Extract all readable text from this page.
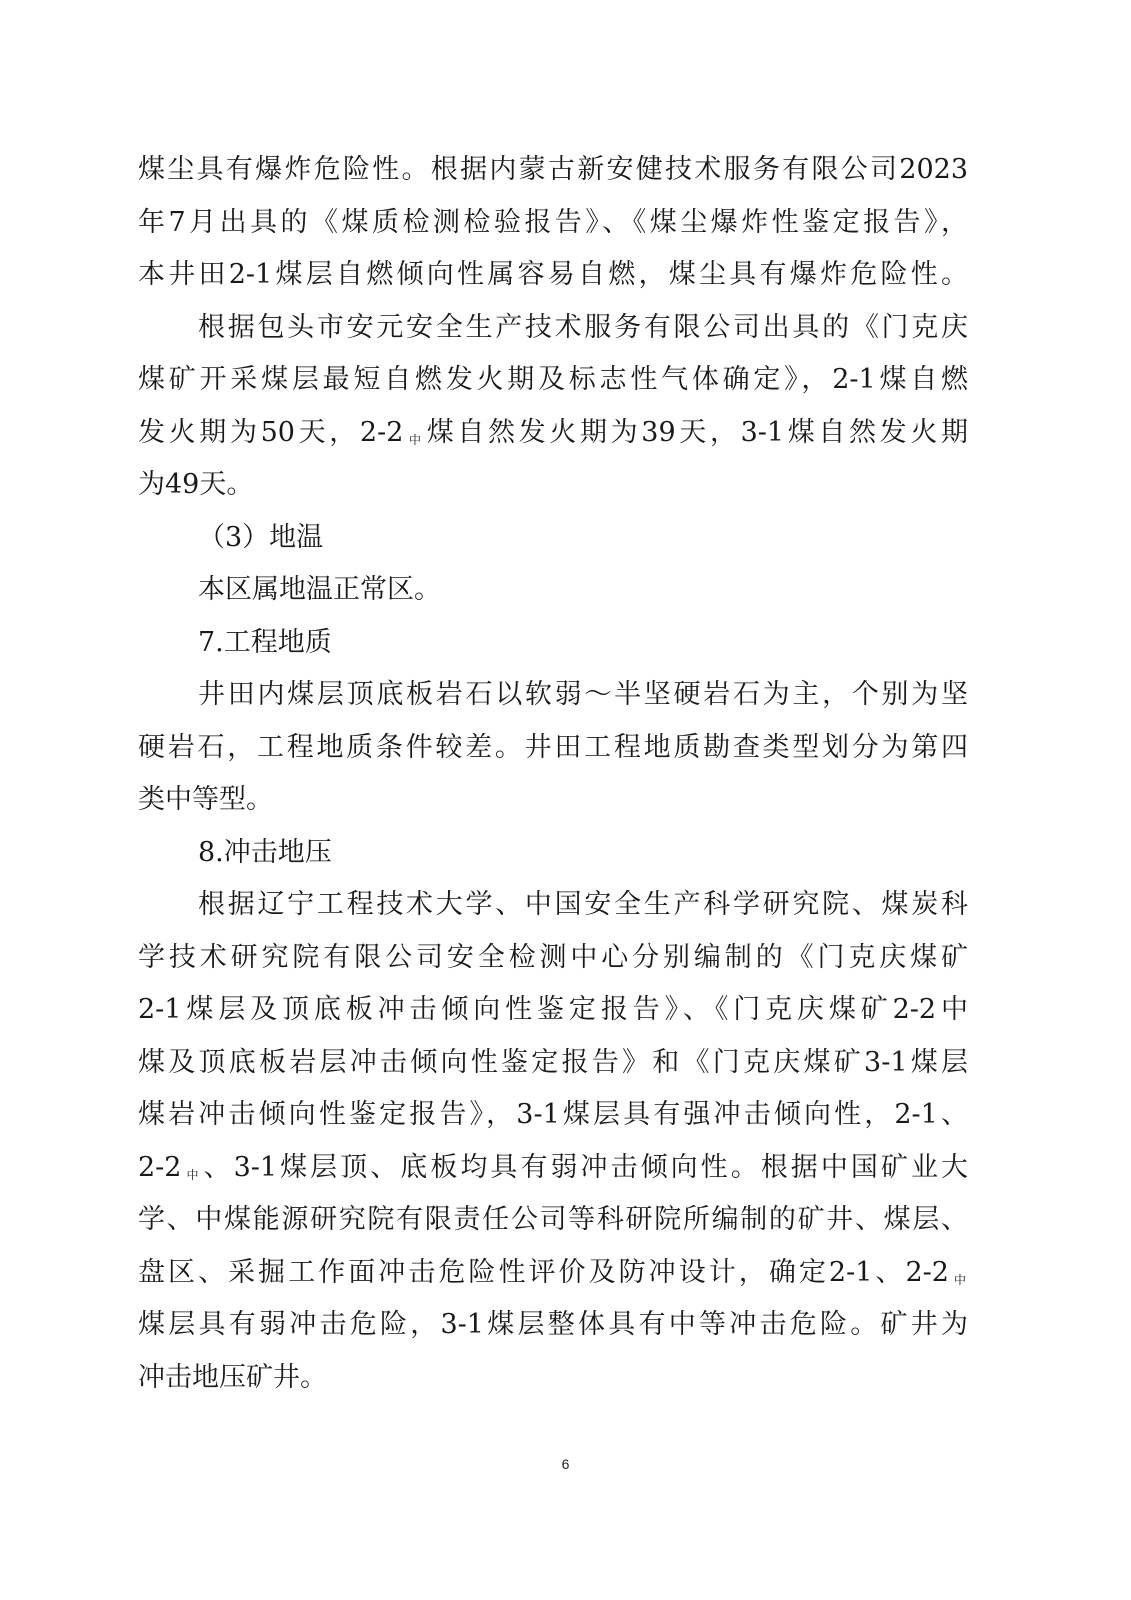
煤尘具有爆炸危险性。根据内蒙古新安健技术服务有限公司2023
年7月出具的《煤质检测检验报告》、《煤尘爆炸性鉴定报告》，
本井田2-1煤层自燃倾向性属容易自燃，煤尘具有爆炸危险性。
根据包头市安元安全生产技术服务有限公司出具的《门克庆
煤矿开采煤层最短自燃发火期及标志性气体确定》，2-1煤自燃
发火期为50天，2-2 $_中$煤自然发火期为39天，3-1煤自然发火期
为49天。
（3）地温
本区属地温正常区。
7.工程地质
井田内煤层顶底板岩石以软弱～半坚硬岩石为主，个别为坚
硬岩石，工程地质条件较差。井田工程地质勘查类型划分为第四
类中等型。
8.冲击地压
根据辽宁工程技术大学、中国安全生产科学研究院、煤炭科
学技术研究院有限公司安全检测中心分别编制的《门克庆煤矿
2-1煤层及顶底板冲击倾向性鉴定报告》、《门克庆煤矿2-2中
煤及顶底板岩层冲击倾向性鉴定报告》和《门克庆煤矿3-1煤层
煤岩冲击倾向性鉴定报告》，3-1煤层具有强冲击倾向性，2-1、
2-2 $_中$、3-1煤层顶、底板均具有弱冲击倾向性。根据中国矿业大
学、中煤能源研究院有限责任公司等科研院所编制的矿井、煤层、
盘区、采掘工作面冲击危险性评价及防冲设计，确定2-1、2-2 $_中$
煤层具有弱冲击危险，3-1煤层整体具有中等冲击危险。矿井为
冲击地压矿井。
6
